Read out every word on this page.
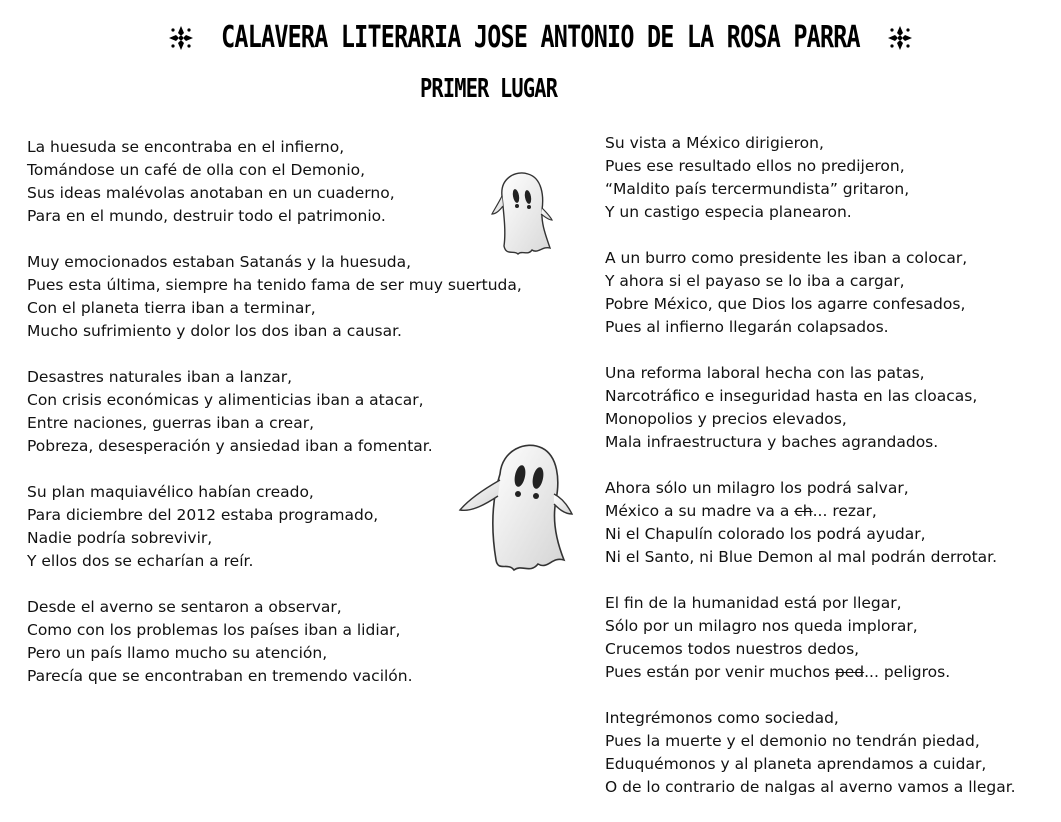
CALAVERA LITERARIA JOSE ANTONIO DE LA ROSA PARRA
PRIMER LUGAR
La huesuda se encontraba en el infierno,
Tomándose un café de olla con el Demonio,
Sus ideas malévolas anotaban en un cuaderno,
Para en el mundo, destruir todo el patrimonio.
Muy emocionados estaban Satanás y la huesuda,
Pues esta última, siempre ha tenido fama de ser muy suertuda,
Con el planeta tierra iban a terminar,
Mucho sufrimiento y dolor los dos iban a causar.
Desastres naturales iban a lanzar,
Con crisis económicas y alimenticias iban a atacar,
Entre naciones, guerras iban a crear,
Pobreza, desesperación y ansiedad iban a fomentar.
Su plan maquiavélico habían creado,
Para diciembre del 2012 estaba programado,
Nadie podría sobrevivir,
Y ellos dos se echarían a reír.
Desde el averno se sentaron a observar,
Como con los problemas los países iban a lidiar,
Pero un país llamo mucho su atención,
Parecía que se encontraban en tremendo vacilón.
Su vista a México dirigieron,
Pues ese resultado ellos no predijeron,
“Maldito país tercermundista” gritaron,
Y un castigo especia planearon.
A un burro como presidente les iban a colocar,
Y ahora si el payaso se lo iba a cargar,
Pobre México, que Dios los agarre confesados,
Pues al infierno llegarán colapsados.
Una reforma laboral hecha con las patas,
Narcotráfico e inseguridad hasta en las cloacas,
Monopolios y precios elevados,
Mala infraestructura y baches agrandados.
Ahora sólo un milagro los podrá salvar,
México a su madre va a ch... rezar,
Ni el Chapulín colorado los podrá ayudar,
Ni el Santo, ni Blue Demon al mal podrán derrotar.
El fin de la humanidad está por llegar,
Sólo por un milagro nos queda implorar,
Crucemos todos nuestros dedos,
Pues están por venir muchos ped... peligros.
Integrémonos como sociedad,
Pues la muerte y el demonio no tendrán piedad,
Eduquémonos y al planeta aprendamos a cuidar,
O de lo contrario de nalgas al averno vamos a llegar.
